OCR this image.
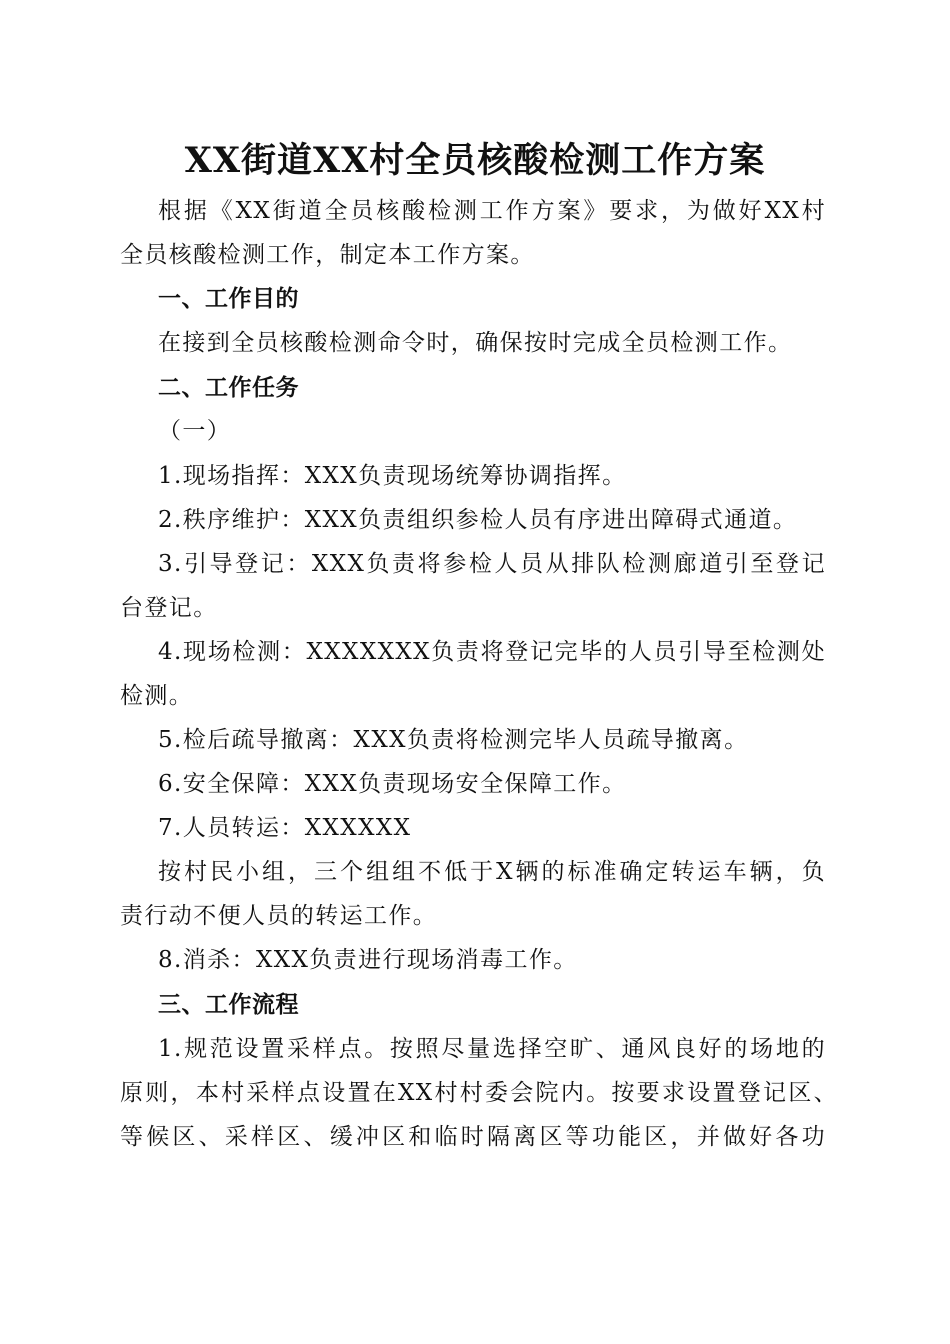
XX街道XX村全员核酸检测工作方案
根据《XX街道全员核酸检测工作方案》要求，为做好XX村
全员核酸检测工作，制定本工作方案。
一、工作目的
在接到全员核酸检测命令时，确保按时完成全员检测工作。
二、工作任务
（一）
1.现场指挥：XXX负责现场统筹协调指挥。
2.秩序维护：XXX负责组织参检人员有序进出障碍式通道。
3.引导登记：XXX负责将参检人员从排队检测廊道引至登记
台登记。
4.现场检测：XXXXXXX负责将登记完毕的人员引导至检测处
检测。
5.检后疏导撤离：XXX负责将检测完毕人员疏导撤离。
6.安全保障：XXX负责现场安全保障工作。
7.人员转运：XXXXXX
按村民小组，三个组组不低于X辆的标准确定转运车辆，负
责行动不便人员的转运工作。
8.消杀：XXX负责进行现场消毒工作。
三、工作流程
1.规范设置采样点。按照尽量选择空旷、通风良好的场地的
原则，本村采样点设置在XX村村委会院内。按要求设置登记区、
等候区、采样区、缓冲区和临时隔离区等功能区，并做好各功
